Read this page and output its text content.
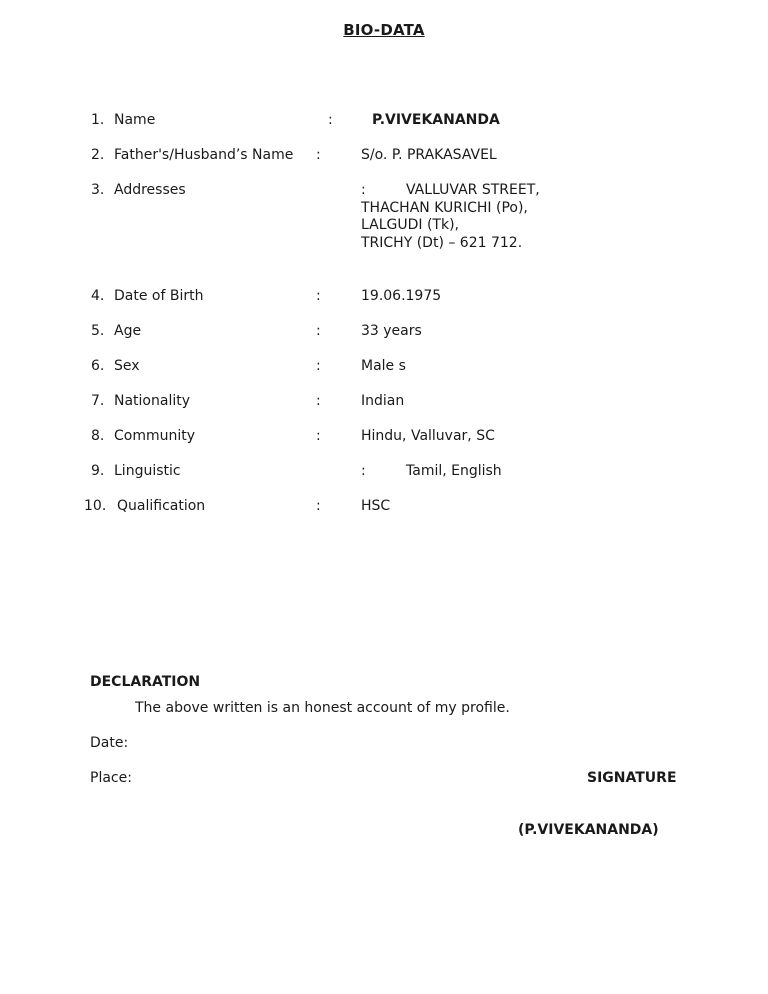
BIO-DATA
1. Name	:	P.VIVEKANANDA
2. Father's/Husband’s Name :	S/o. P. PRAKASAVEL
3. Addresses	:	VALLUVAR STREET,
THACHAN KURICHI (Po),
LALGUDI (Tk),
TRICHY (Dt) – 621 712.
4. Date of Birth	:	19.06.1975
5. Age	:	33 years
6. Sex	:	Male s
7. Nationality	:	Indian
8. Community	:	Hindu, Valluvar, SC
9. Linguistic	:	Tamil, English
10. Qualification	:	HSC
DECLARATION
The above written is an honest account of my profile.
Date:
Place:	SIGNATURE
(P.VIVEKANANDA)
